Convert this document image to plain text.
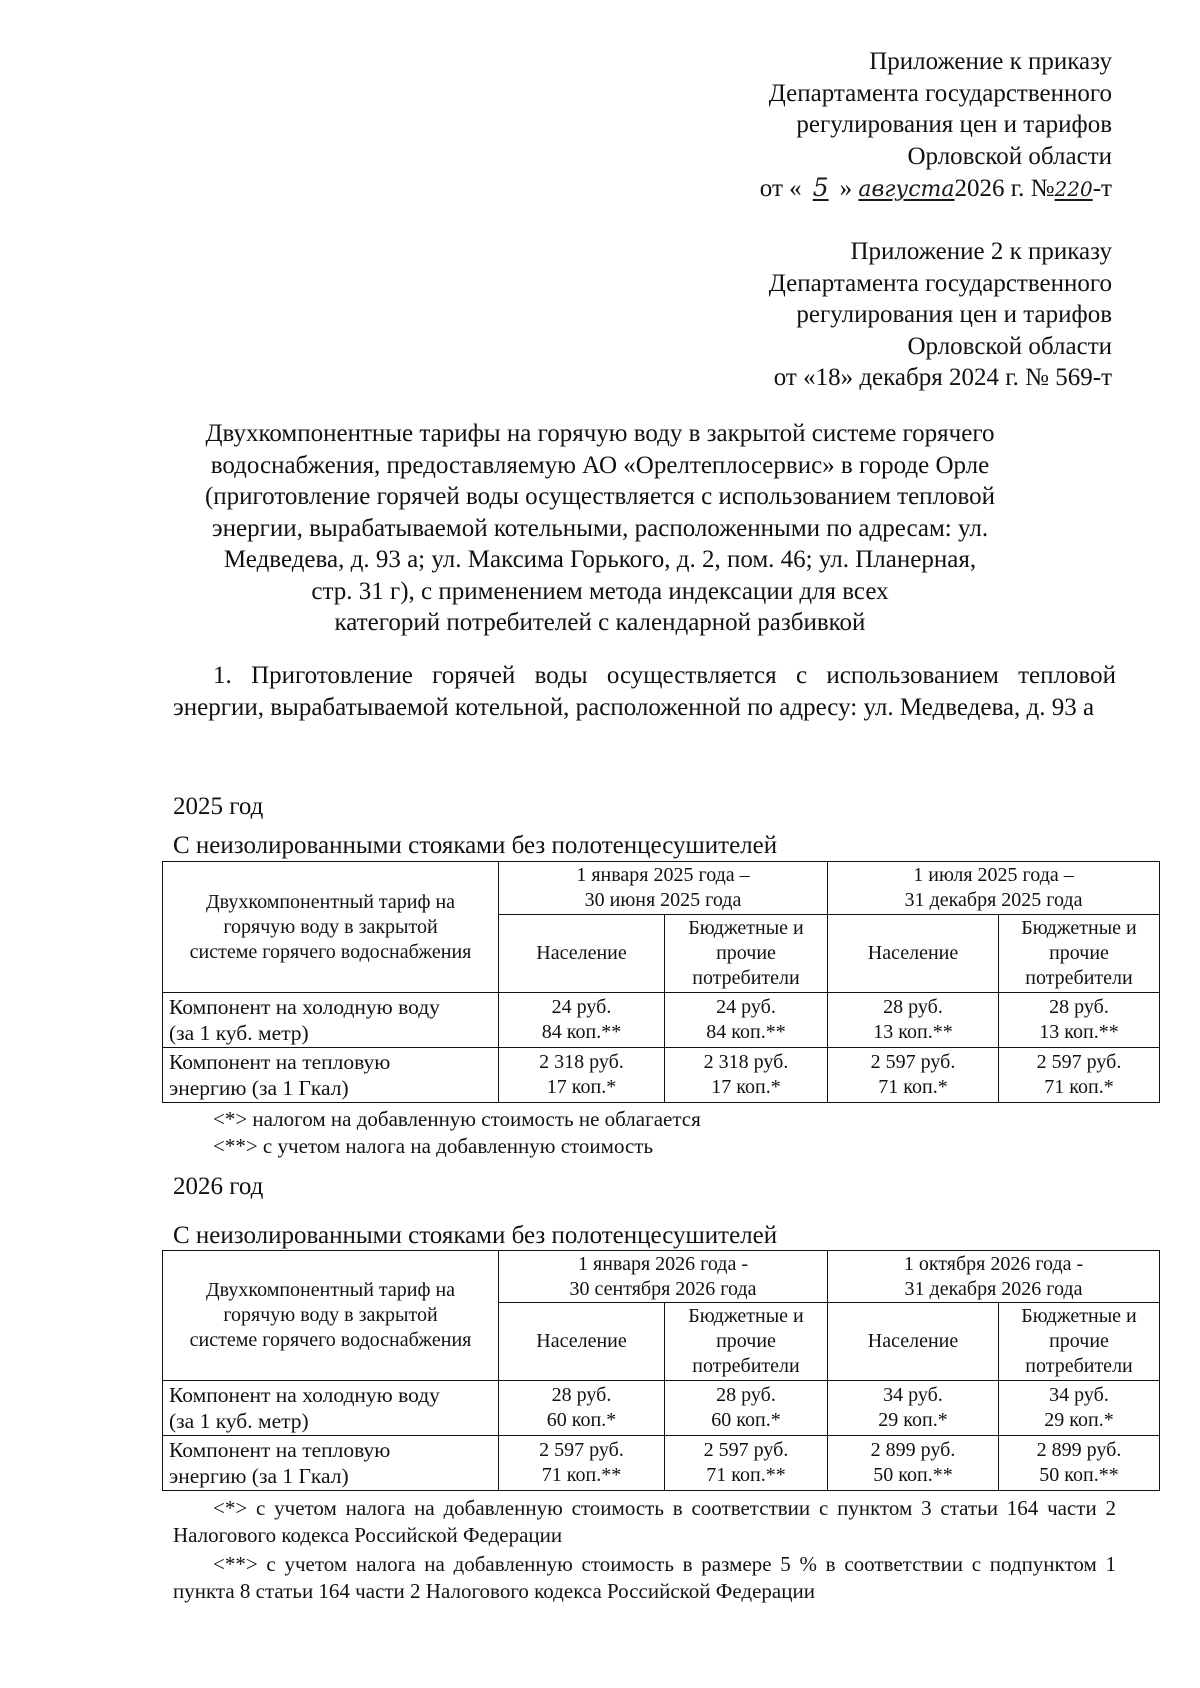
Приложение к приказу
Департамента государственного
регулирования цен и тарифов
Орловской области
от « 5 » августа2026 г. №220-т
Приложение 2 к приказу
Департамента государственного
регулирования цен и тарифов
Орловской области
от «18» декабря 2024 г. № 569-т
Двухкомпонентные тарифы на горячую воду в закрытой системе горячего
водоснабжения, предоставляемую АО «Орелтеплосервис» в городе Орле
(приготовление горячей воды осуществляется с использованием тепловой
энергии, вырабатываемой котельными, расположенными по адресам: ул.
Медведева, д. 93 а; ул. Максима Горького, д. 2, пом. 46; ул. Планерная,
стр. 31 г), с применением метода индексации для всех
категорий потребителей с календарной разбивкой
1. Приготовление горячей воды осуществляется с использованием тепловой энергии, вырабатываемой котельной, расположенной по адресу: ул. Медведева, д. 93 а
2025 год
С неизолированными стояками без полотенцесушителей
Двухкомпонентный тариф на
горячую воду в закрытой
системе горячего водоснабжения	1 января 2025 года –
30 июня 2025 года		1 июля 2025 года –
31 декабря 2025 года	

	Население	Бюджетные и
прочие
потребители	Население	Бюджетные и
прочие
потребители

Компонент на холодную воду
(за 1 куб. метр)	24 руб.
84 коп.**	24 руб.
84 коп.**	28 руб.
13 коп.**	28 руб.
13 коп.**

Компонент на тепловую
энергию (за 1 Гкал)	2 318 руб.
17 коп.*	2 318 руб.
17 коп.*	2 597 руб.
71 коп.*	2 597 руб.
71 коп.*
<*> налогом на добавленную стоимость не облагается
<**> с учетом налога на добавленную стоимость
2026 год
С неизолированными стояками без полотенцесушителей
Двухкомпонентный тариф на
горячую воду в закрытой
системе горячего водоснабжения	1 января 2026 года -
30 сентября 2026 года		1 октября 2026 года -
31 декабря 2026 года	

	Население	Бюджетные и
прочие
потребители	Население	Бюджетные и
прочие
потребители

Компонент на холодную воду
(за 1 куб. метр)	28 руб.
60 коп.*	28 руб.
60 коп.*	34 руб.
29 коп.*	34 руб.
29 коп.*

Компонент на тепловую
энергию (за 1 Гкал)	2 597 руб.
71 коп.**	2 597 руб.
71 коп.**	2 899 руб.
50 коп.**	2 899 руб.
50 коп.**
<*> с учетом налога на добавленную стоимость в соответствии с пунктом 3 статьи 164 части 2 Налогового кодекса Российской Федерации
<**> с учетом налога на добавленную стоимость в размере 5 % в соответствии с подпунктом 1 пункта 8 статьи 164 части 2 Налогового кодекса Российской Федерации
